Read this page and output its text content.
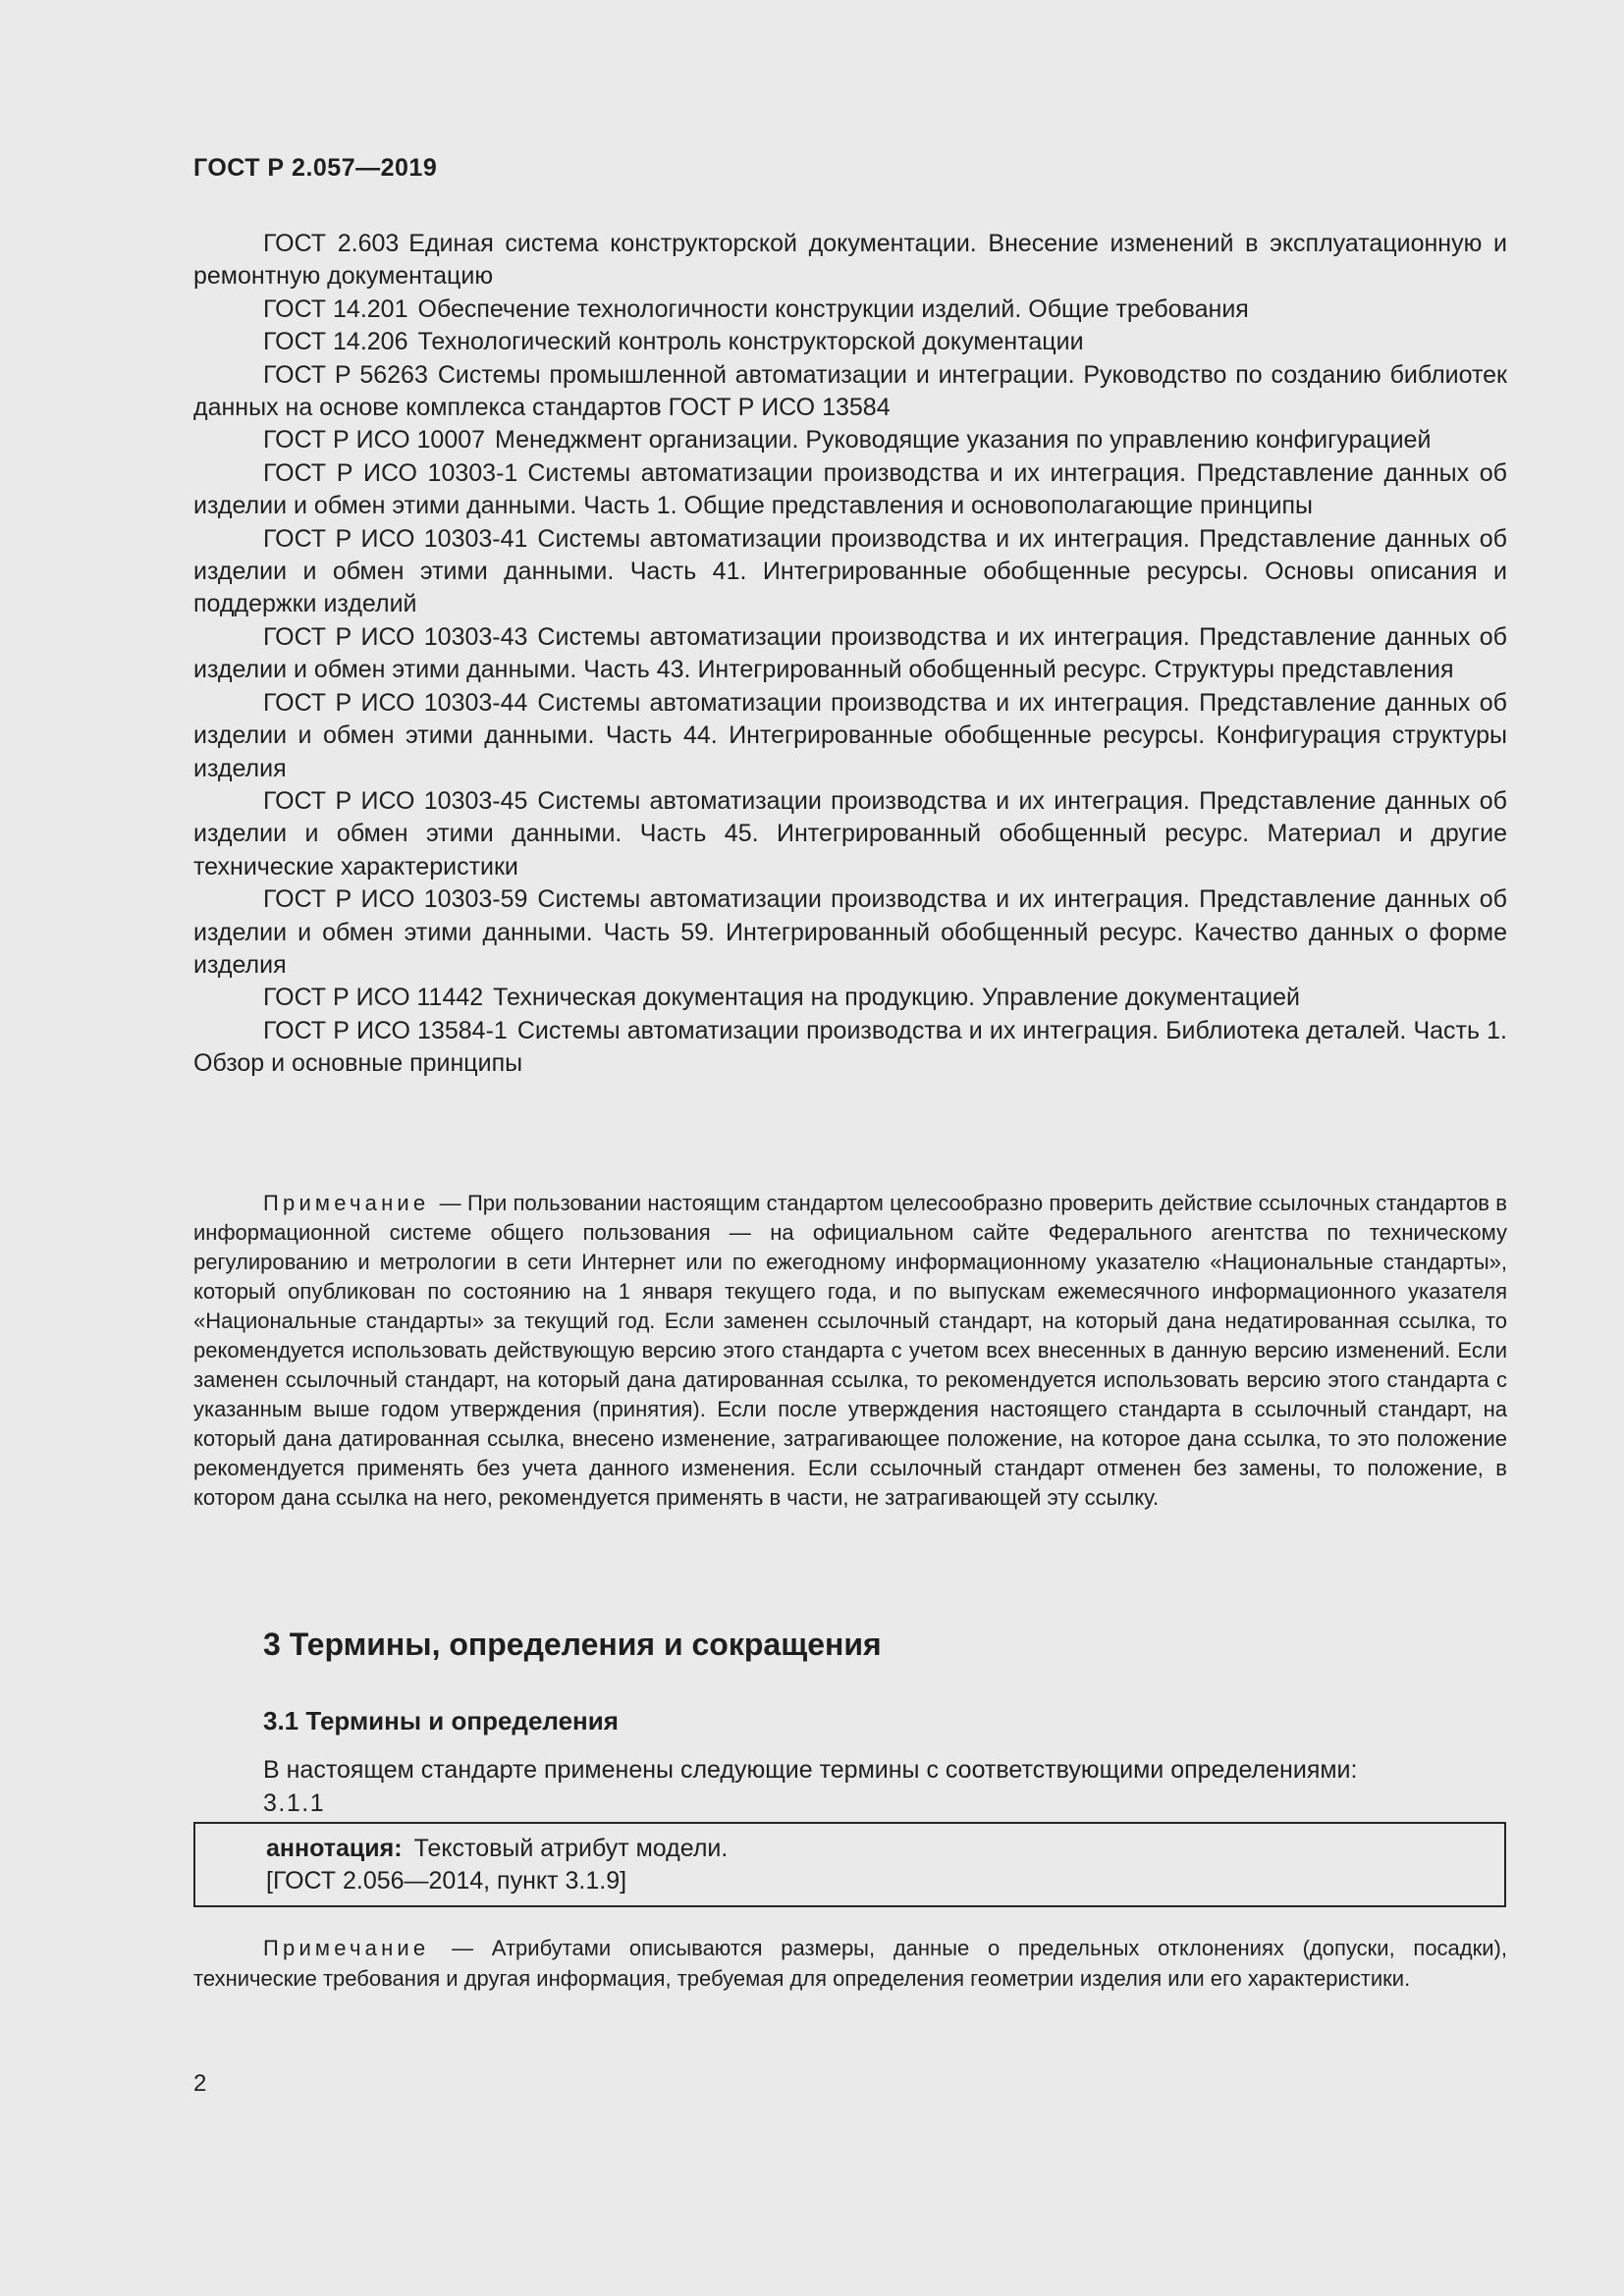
ГОСТ Р 2.057—2019

ГОСТ 2.603 Единая система конструкторской документации. Внесение изменений в эксплуатационную и ремонтную документацию

ГОСТ 14.201 Обеспечение технологичности конструкции изделий. Общие требования

ГОСТ 14.206 Технологический контроль конструкторской документации

ГОСТ Р 56263 Системы промышленной автоматизации и интеграции. Руководство по созданию библиотек данных на основе комплекса стандартов ГОСТ Р ИСО 13584

ГОСТ Р ИСО 10007 Менеджмент организации. Руководящие указания по управлению конфигурацией

ГОСТ Р ИСО 10303-1 Системы автоматизации производства и их интеграция. Представление данных об изделии и обмен этими данными. Часть 1. Общие представления и основополагающие принципы

ГОСТ Р ИСО 10303-41 Системы автоматизации производства и их интеграция. Представление данных об изделии и обмен этими данными. Часть 41. Интегрированные обобщенные ресурсы. Основы описания и поддержки изделий

ГОСТ Р ИСО 10303-43 Системы автоматизации производства и их интеграция. Представление данных об изделии и обмен этими данными. Часть 43. Интегрированный обобщенный ресурс. Структуры представления

ГОСТ Р ИСО 10303-44 Системы автоматизации производства и их интеграция. Представление данных об изделии и обмен этими данными. Часть 44. Интегрированные обобщенные ресурсы. Конфигурация структуры изделия

ГОСТ Р ИСО 10303-45 Системы автоматизации производства и их интеграция. Представление данных об изделии и обмен этими данными. Часть 45. Интегрированный обобщенный ресурс. Материал и другие технические характеристики

ГОСТ Р ИСО 10303-59 Системы автоматизации производства и их интеграция. Представление данных об изделии и обмен этими данными. Часть 59. Интегрированный обобщенный ресурс. Качество данных о форме изделия

ГОСТ Р ИСО 11442 Техническая документация на продукцию. Управление документацией

ГОСТ Р ИСО 13584-1 Системы автоматизации производства и их интеграция. Библиотека деталей. Часть 1. Обзор и основные принципы

Примечание — При пользовании настоящим стандартом целесообразно проверить действие ссылочных стандартов в информационной системе общего пользования — на официальном сайте Федерального агентства по техническому регулированию и метрологии в сети Интернет или по ежегодному информационному указателю «Национальные стандарты», который опубликован по состоянию на 1 января текущего года, и по выпускам ежемесячного информационного указателя «Национальные стандарты» за текущий год. Если заменен ссылочный стандарт, на который дана недатированная ссылка, то рекомендуется использовать действующую версию этого стандарта с учетом всех внесенных в данную версию изменений. Если заменен ссылочный стандарт, на который дана датированная ссылка, то рекомендуется использовать версию этого стандарта с указанным выше годом утверждения (принятия). Если после утверждения настоящего стандарта в ссылочный стандарт, на который дана датированная ссылка, внесено изменение, затрагивающее положение, на которое дана ссылка, то это положение рекомендуется применять без учета данного изменения. Если ссылочный стандарт отменен без замены, то положение, в котором дана ссылка на него, рекомендуется применять в части, не затрагивающей эту ссылку.

3 Термины, определения и сокращения
3.1 Термины и определения

В настоящем стандарте применены следующие термины с соответствующими определениями:

3.1.1
аннотация: Текстовый атрибут модели.
[ГОСТ 2.056—2014, пункт 3.1.9]

Примечание — Атрибутами описываются размеры, данные о предельных отклонениях (допуски, посадки), технические требования и другая информация, требуемая для определения геометрии изделия или его характеристики.

2
